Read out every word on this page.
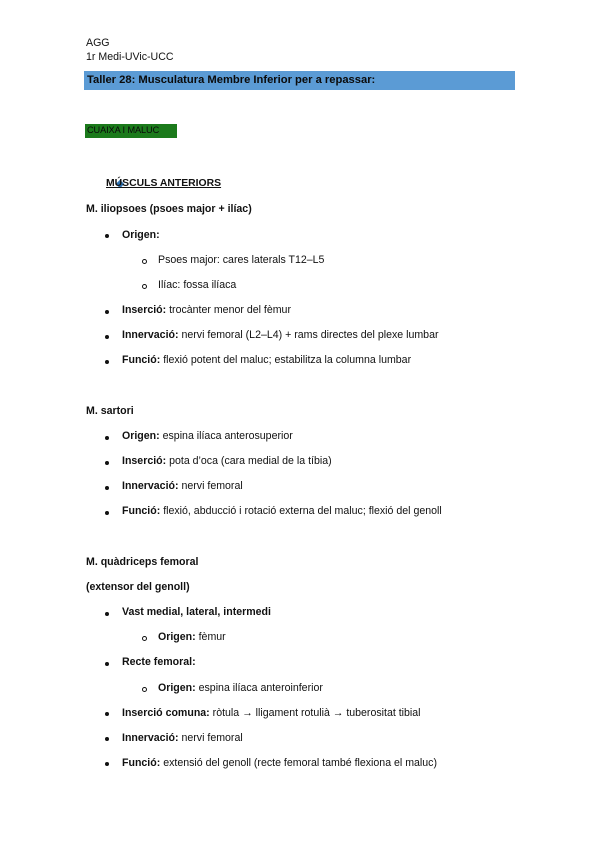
AGG
1r Medi-UVic-UCC
Taller 28: Musculatura Membre Inferior per a repassar:
CUAIXA I MALUC
MÚSCULS ANTERIORS
M. iliopsoes (psoes major + ilíac)
Origen:
Psoes major: cares laterals T12–L5
Ilíac: fossa ilíaca
Inserció: trocànter menor del fèmur
Innervació: nervi femoral (L2–L4) + rams directes del plexe lumbar
Funció: flexió potent del maluc; estabilitza la columna lumbar
M. sartori
Origen: espina ilíaca anterosuperior
Inserció: pota d’oca (cara medial de la tíbia)
Innervació: nervi femoral
Funció: flexió, abducció i rotació externa del maluc; flexió del genoll
M. quàdriceps femoral
(extensor del genoll)
Vast medial, lateral, intermedi
Origen: fèmur
Recte femoral:
Origen: espina ilíaca anteroinferior
Inserció comuna: ròtula → lligament rotulià → tuberositat tibial
Innervació: nervi femoral
Funció: extensió del genoll (recte femoral també flexiona el maluc)
